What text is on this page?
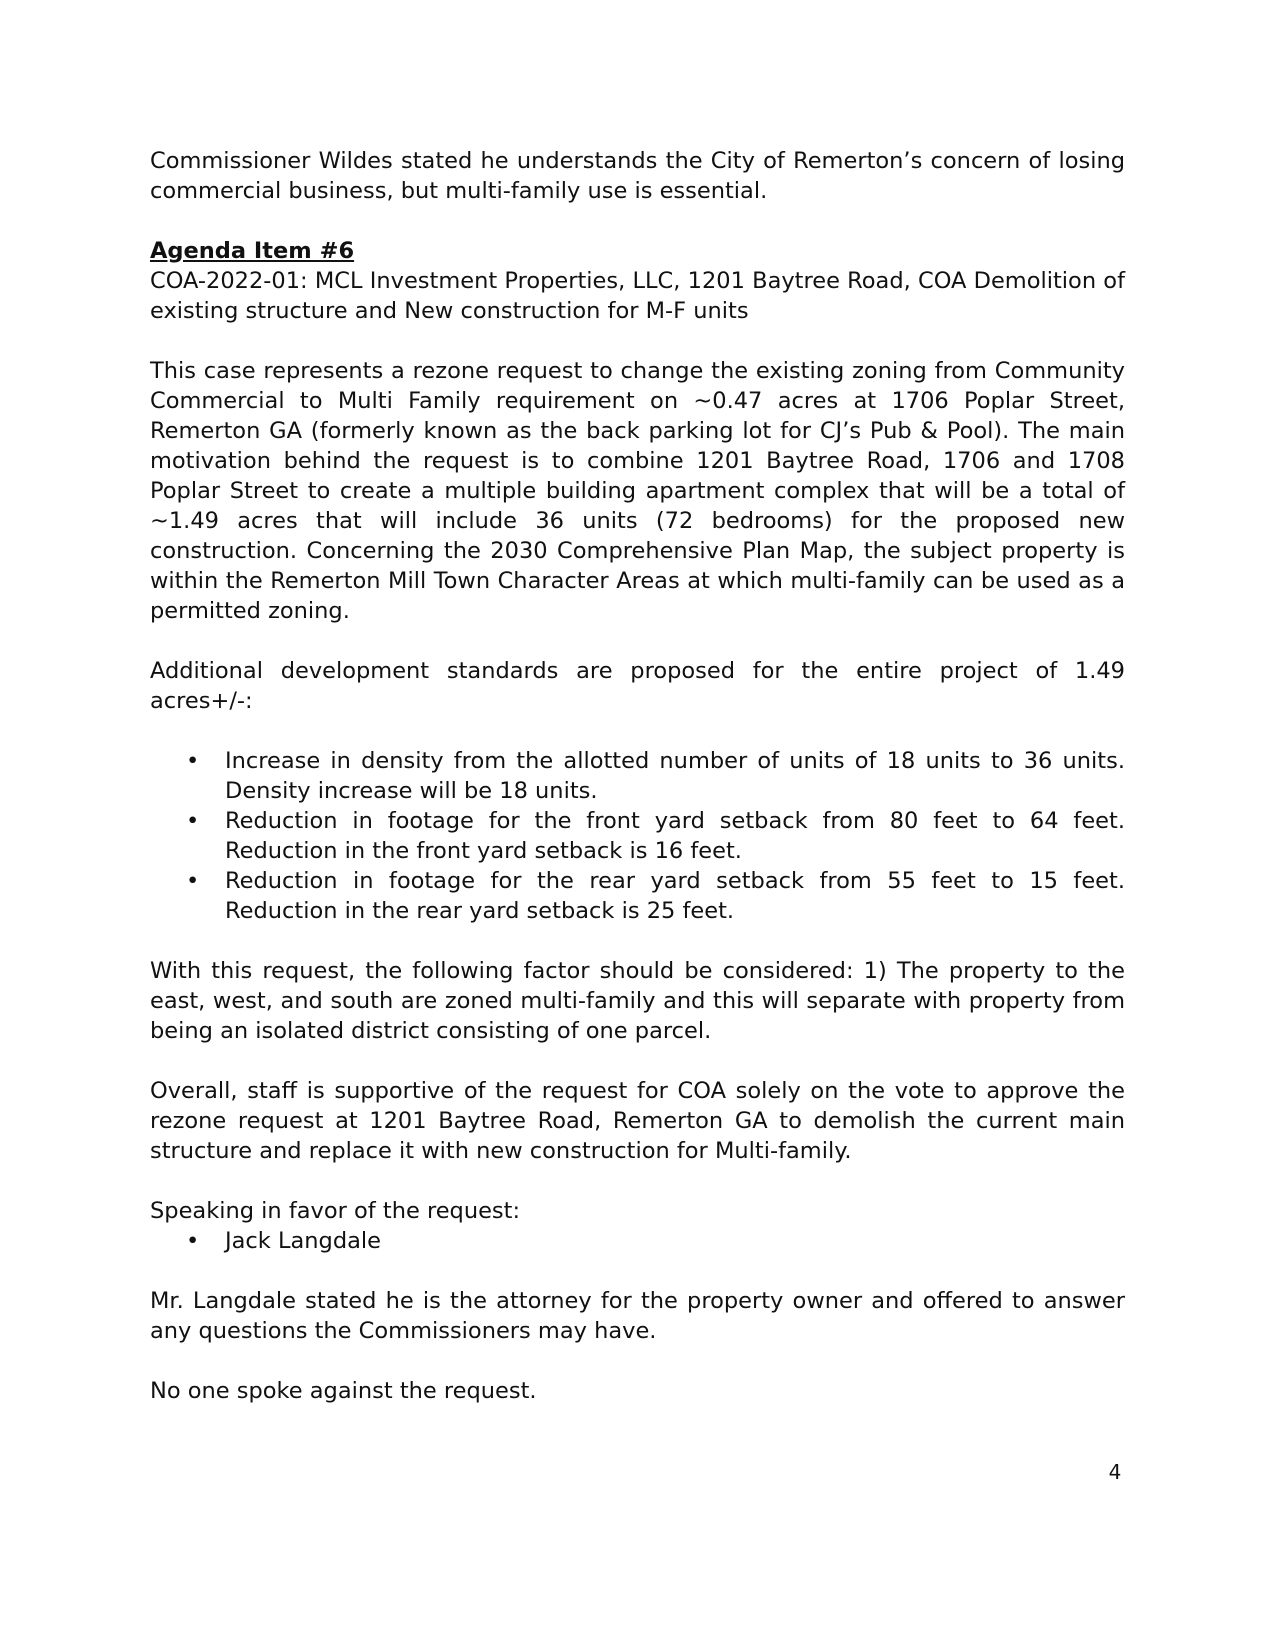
Commissioner Wildes stated he understands the City of Remerton’s concern of losing commercial business, but multi-family use is essential.

Agenda Item #6

COA-2022-01: MCL Investment Properties, LLC, 1201 Baytree Road, COA Demolition of existing structure and New construction for M-F units

This case represents a rezone request to change the existing zoning from Community Commercial to Multi Family requirement on ~0.47 acres at 1706 Poplar Street, Remerton GA (formerly known as the back parking lot for CJ’s Pub & Pool). The main motivation behind the request is to combine 1201 Baytree Road, 1706 and 1708 Poplar Street to create a multiple building apartment complex that will be a total of ~1.49 acres that will include 36 units (72 bedrooms) for the proposed new construction. Concerning the 2030 Comprehensive Plan Map, the subject property is within the Remerton Mill Town Character Areas at which multi-family can be used as a permitted zoning.

Additional development standards are proposed for the entire project of 1.49 acres+/-:

• Increase in density from the allotted number of units of 18 units to 36 units. Density increase will be 18 units.
• Reduction in footage for the front yard setback from 80 feet to 64 feet. Reduction in the front yard setback is 16 feet.
• Reduction in footage for the rear yard setback from 55 feet to 15 feet. Reduction in the rear yard setback is 25 feet.

With this request, the following factor should be considered: 1) The property to the east, west, and south are zoned multi-family and this will separate with property from being an isolated district consisting of one parcel.

Overall, staff is supportive of the request for COA solely on the vote to approve the rezone request at 1201 Baytree Road, Remerton GA to demolish the current main structure and replace it with new construction for Multi-family.

Speaking in favor of the request:

• Jack Langdale

Mr. Langdale stated he is the attorney for the property owner and offered to answer any questions the Commissioners may have.

No one spoke against the request.

4
